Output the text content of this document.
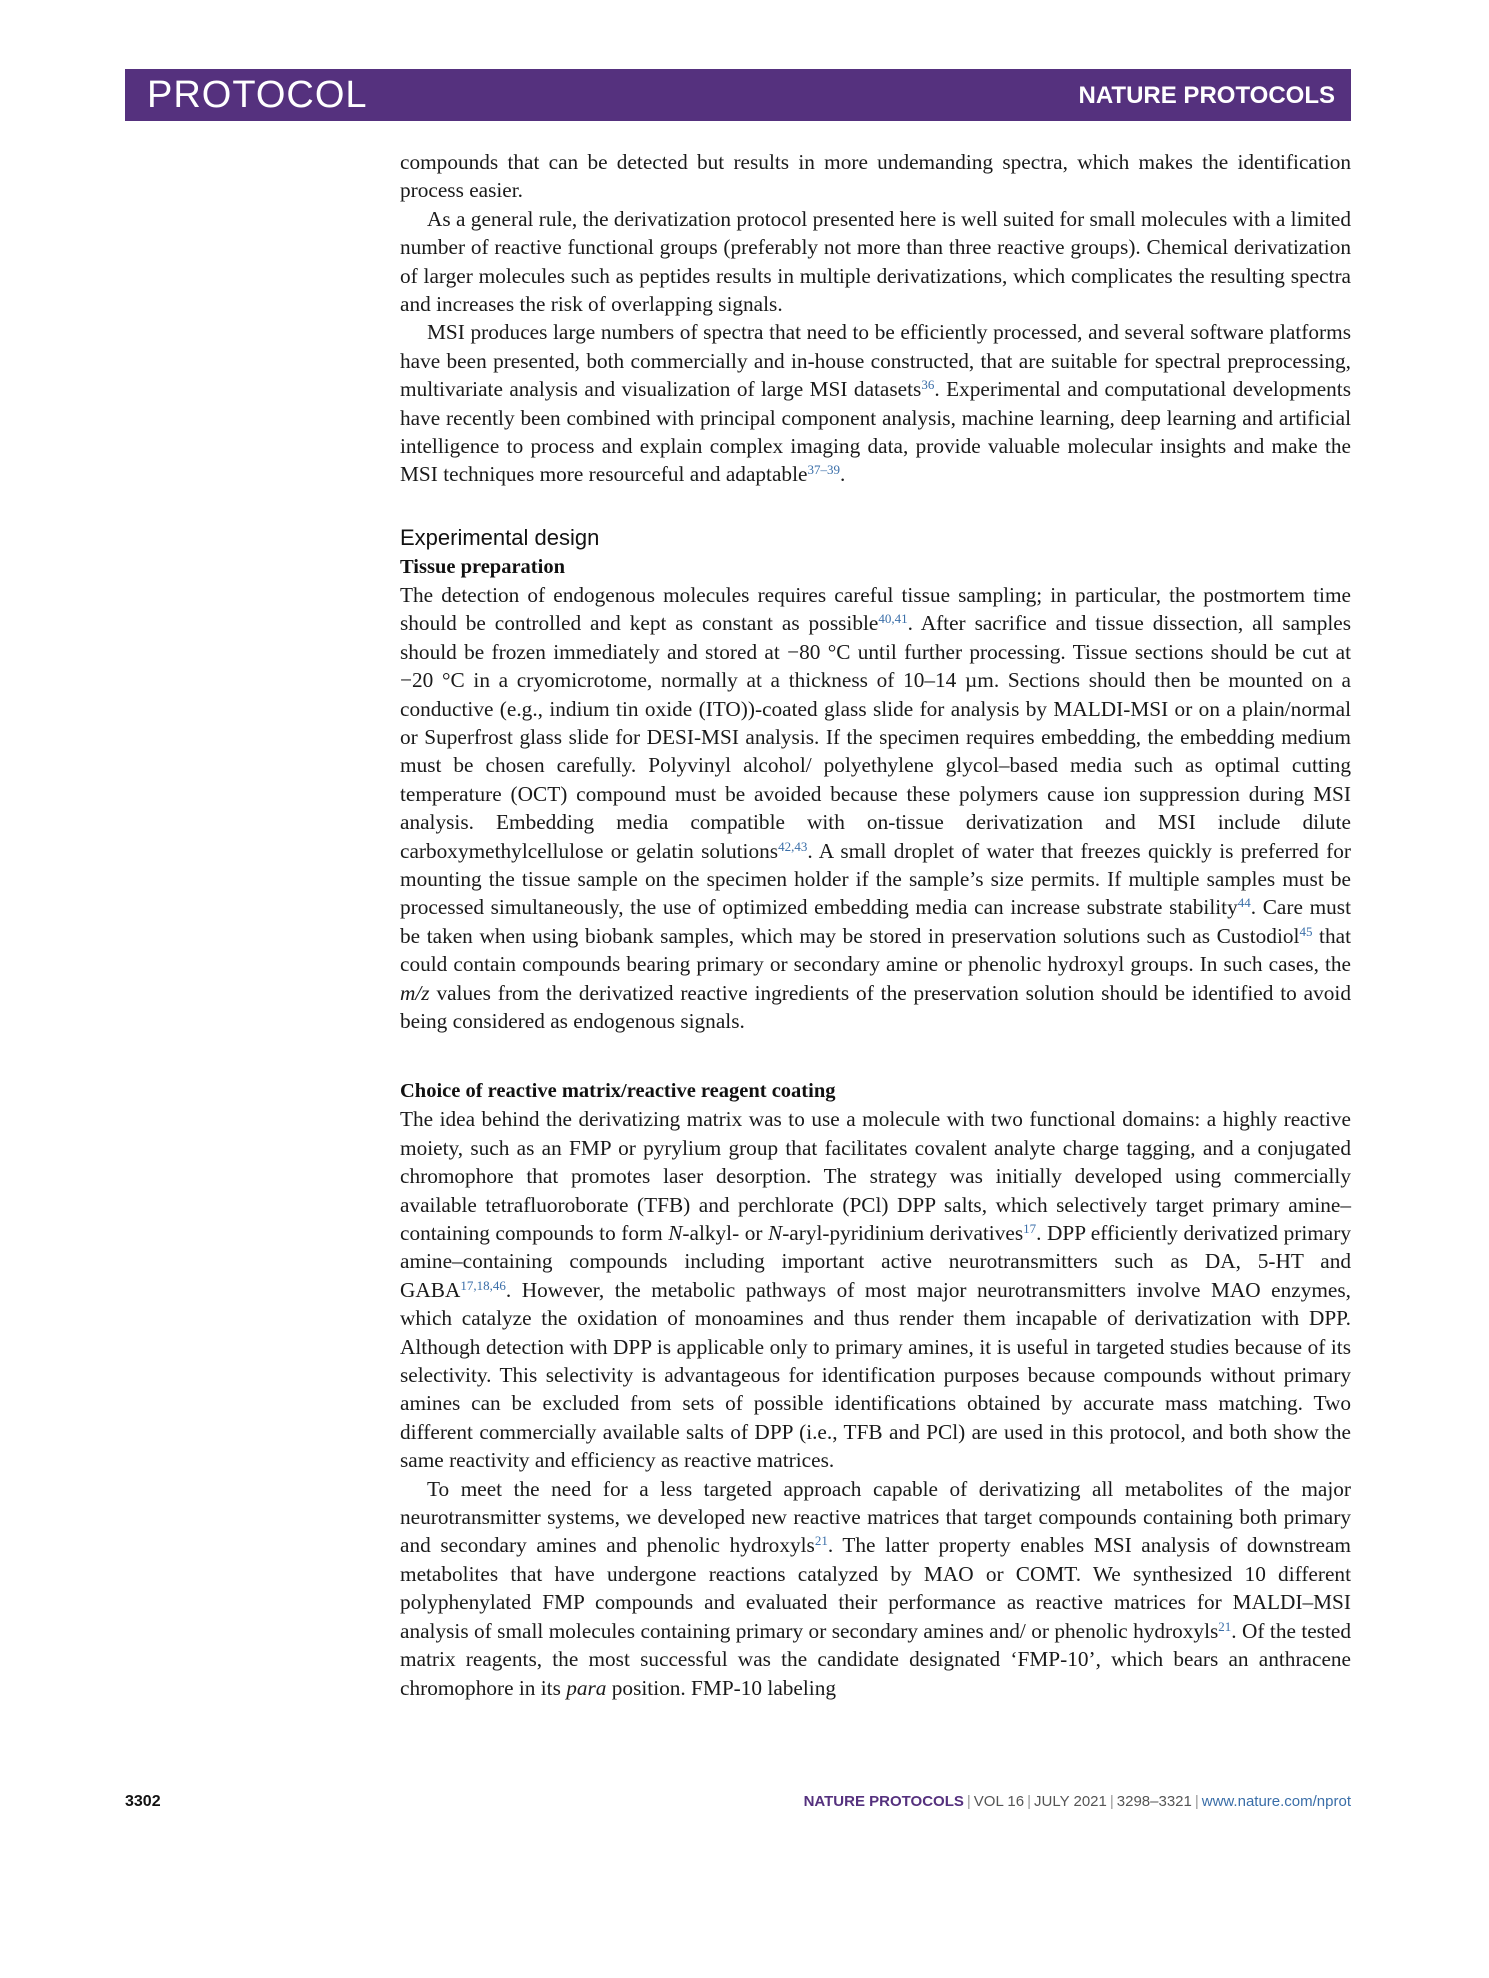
PROTOCOL	NATURE PROTOCOLS

compounds that can be detected but results in more undemanding spectra, which makes the identification process easier.

As a general rule, the derivatization protocol presented here is well suited for small molecules with a limited number of reactive functional groups (preferably not more than three reactive groups). Chemical derivatization of larger molecules such as peptides results in multiple derivatizations, which complicates the resulting spectra and increases the risk of overlapping signals.

MSI produces large numbers of spectra that need to be efficiently processed, and several software platforms have been presented, both commercially and in-house constructed, that are suitable for spectral preprocessing, multivariate analysis and visualization of large MSI datasets$^{36}$. Experimental and computational developments have recently been combined with principal component analysis, machine learning, deep learning and artificial intelligence to process and explain complex imaging data, provide valuable molecular insights and make the MSI techniques more resourceful and adaptable$^{37-39}$.

Experimental design
Tissue preparation

The detection of endogenous molecules requires careful tissue sampling; in particular, the postmortem time should be controlled and kept as constant as possible$^{40,41}$. After sacrifice and tissue dissection, all samples should be frozen immediately and stored at −80 °C until further processing. Tissue sections should be cut at −20 °C in a cryomicrotome, normally at a thickness of 10–14 µm. Sections should then be mounted on a conductive (e.g., indium tin oxide (ITO))-coated glass slide for analysis by MALDI-MSI or on a plain/normal or Superfrost glass slide for DESI-MSI analysis. If the specimen requires embedding, the embedding medium must be chosen carefully. Polyvinyl alcohol/ polyethylene glycol–based media such as optimal cutting temperature (OCT) compound must be avoided because these polymers cause ion suppression during MSI analysis. Embedding media compatible with on-tissue derivatization and MSI include dilute carboxymethylcellulose or gelatin solutions$^{42,43}$. A small droplet of water that freezes quickly is preferred for mounting the tissue sample on the specimen holder if the sample’s size permits. If multiple samples must be processed simultaneously, the use of optimized embedding media can increase substrate stability$^{44}$. Care must be taken when using biobank samples, which may be stored in preservation solutions such as Custodiol$^{45}$ that could contain compounds bearing primary or secondary amine or phenolic hydroxyl groups. In such cases, the m/z values from the derivatized reactive ingredients of the preservation solution should be identified to avoid being considered as endogenous signals.

Choice of reactive matrix/reactive reagent coating

The idea behind the derivatizing matrix was to use a molecule with two functional domains: a highly reactive moiety, such as an FMP or pyrylium group that facilitates covalent analyte charge tagging, and a conjugated chromophore that promotes laser desorption. The strategy was initially developed using commercially available tetrafluoroborate (TFB) and perchlorate (PCl) DPP salts, which selectively target primary amine–containing compounds to form N-alkyl- or N-aryl-pyridinium derivatives$^{17}$. DPP efficiently derivatized primary amine–containing compounds including important active neurotransmitters such as DA, 5-HT and GABA$^{17,18,46}$. However, the metabolic pathways of most major neurotransmitters involve MAO enzymes, which catalyze the oxidation of monoamines and thus render them incapable of derivatization with DPP. Although detection with DPP is applicable only to primary amines, it is useful in targeted studies because of its selectivity. This selectivity is advantageous for identification purposes because compounds without primary amines can be excluded from sets of possible identifications obtained by accurate mass matching. Two different commercially available salts of DPP (i.e., TFB and PCl) are used in this protocol, and both show the same reactivity and efficiency as reactive matrices.

To meet the need for a less targeted approach capable of derivatizing all metabolites of the major neurotransmitter systems, we developed new reactive matrices that target compounds containing both primary and secondary amines and phenolic hydroxyls$^{21}$. The latter property enables MSI analysis of downstream metabolites that have undergone reactions catalyzed by MAO or COMT. We synthesized 10 different polyphenylated FMP compounds and evaluated their performance as reactive matrices for MALDI–MSI analysis of small molecules containing primary or secondary amines and/ or phenolic hydroxyls$^{21}$. Of the tested matrix reagents, the most successful was the candidate designated ‘FMP-10’, which bears an anthracene chromophore in its para position. FMP-10 labeling

3302	NATURE PROTOCOLS | VOL 16 | JULY 2021 | 3298–3321 | www.nature.com/nprot
